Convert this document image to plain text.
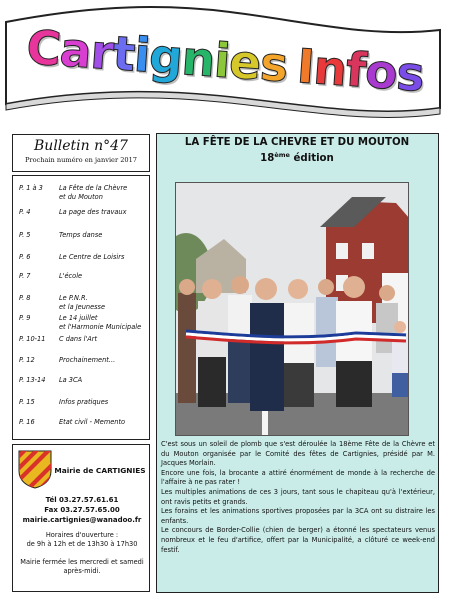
Cartignies Infos
Bulletin n°47
Prochain numéro en janvier 2017
P. 1 à 3	La Fête de la Chèvre
et du Mouton
P. 4	La page des travaux
P. 5	Temps danse
P. 6	Le Centre de Loisirs
P. 7	L'école
P. 8	Le P.N.R.
et la Jeunesse
P. 9	Le 14 juillet
et l'Harmonie Municipale
P. 10-11	C dans l'Art
P. 12	Prochainement...
P. 13-14	La 3CA
P. 15	Infos pratiques
P. 16	Etat civil - Memento
Mairie de CARTIGNIES
Tél 03.27.57.61.61
Fax 03.27.57.65.00
mairie.cartignies@wanadoo.fr
Horaires d'ouverture :
de 9h à 12h et de 13h30 à 17h30
Mairie fermée les mercredi et samedi
après-midi.
LA FÊTE DE LA CHEVRE ET DU MOUTON
18ème édition

C'est sous un soleil de plomb que s'est déroulée la 18ème Fête de la Chèvre et du Mouton organisée par le Comité des fêtes de Cartignies, présidé par M. Jacques Morlain.

Encore une fois, la brocante a attiré énormément de monde à la recherche de l'affaire à ne pas rater !

Les multiples animations de ces 3 jours, tant sous le chapiteau qu'à l'extérieur, ont ravis petits et grands.

Les forains et les animations sportives proposées par la 3CA ont su distraire les enfants.

Le concours de Border-Collie (chien de berger) a étonné les spectateurs venus nombreux et le feu d'artifice, offert par la Municipalité, a clôturé ce week-end festif.
